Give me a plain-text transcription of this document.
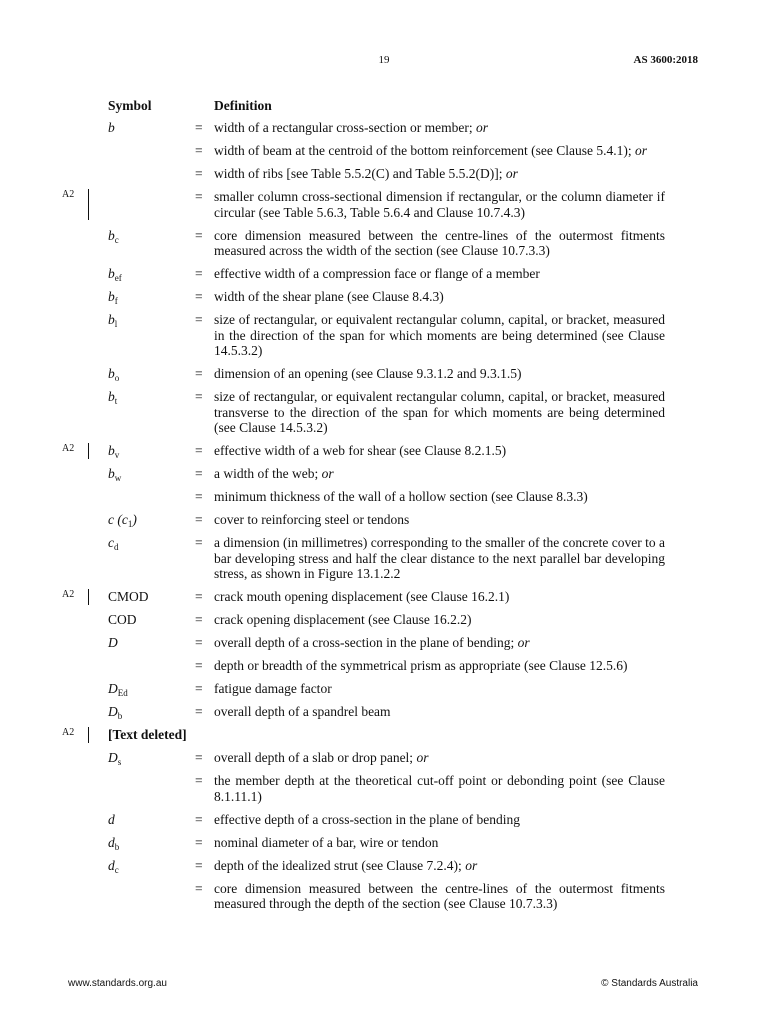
19	AS 3600:2018
Symbol	Definition
b	= width of a rectangular cross-section or member; or
= width of beam at the centroid of the bottom reinforcement (see Clause 5.4.1); or
= width of ribs [see Table 5.5.2(C) and Table 5.5.2(D)]; or
= smaller column cross-sectional dimension if rectangular, or the column diameter if circular (see Table 5.6.3, Table 5.6.4 and Clause 10.7.4.3)
A2
$b_c$	= core dimension measured between the centre-lines of the outermost fitments measured across the width of the section (see Clause 10.7.3.3)
$b_{ef}$	= effective width of a compression face or flange of a member
$b_f$	= width of the shear plane (see Clause 8.4.3)
$b_l$	= size of rectangular, or equivalent rectangular column, capital, or bracket, measured in the direction of the span for which moments are being determined (see Clause 14.5.3.2)
$b_o$	= dimension of an opening (see Clause 9.3.1.2 and 9.3.1.5)
$b_t$	= size of rectangular, or equivalent rectangular column, capital, or bracket, measured transverse to the direction of the span for which moments are being determined (see Clause 14.5.3.2)
$b_v$	= effective width of a web for shear (see Clause 8.2.1.5)
A2
$b_w$	= a width of the web; or
= minimum thickness of the wall of a hollow section (see Clause 8.3.3)
c $(c_1)$	= cover to reinforcing steel or tendons
$c_d$	= a dimension (in millimetres) corresponding to the smaller of the concrete cover to a bar developing stress and half the clear distance to the next parallel bar developing stress, as shown in Figure 13.1.2.2
CMOD	= crack mouth opening displacement (see Clause 16.2.1)
A2
COD	= crack opening displacement (see Clause 16.2.2)
D	= overall depth of a cross-section in the plane of bending; or
= depth or breadth of the symmetrical prism as appropriate (see Clause 12.5.6)
$D_{Ed}$	= fatigue damage factor
$D_b$	= overall depth of a spandrel beam
[Text deleted]

A2
$D_s$	= overall depth of a slab or drop panel; or
= the member depth at the theoretical cut-off point or debonding point (see Clause 8.1.11.1)
d	= effective depth of a cross-section in the plane of bending
$d_b$	= nominal diameter of a bar, wire or tendon
$d_c$	= depth of the idealized strut (see Clause 7.2.4); or
= core dimension measured between the centre-lines of the outermost fitments measured through the depth of the section (see Clause 10.7.3.3)
www.standards.org.au	© Standards Australia
